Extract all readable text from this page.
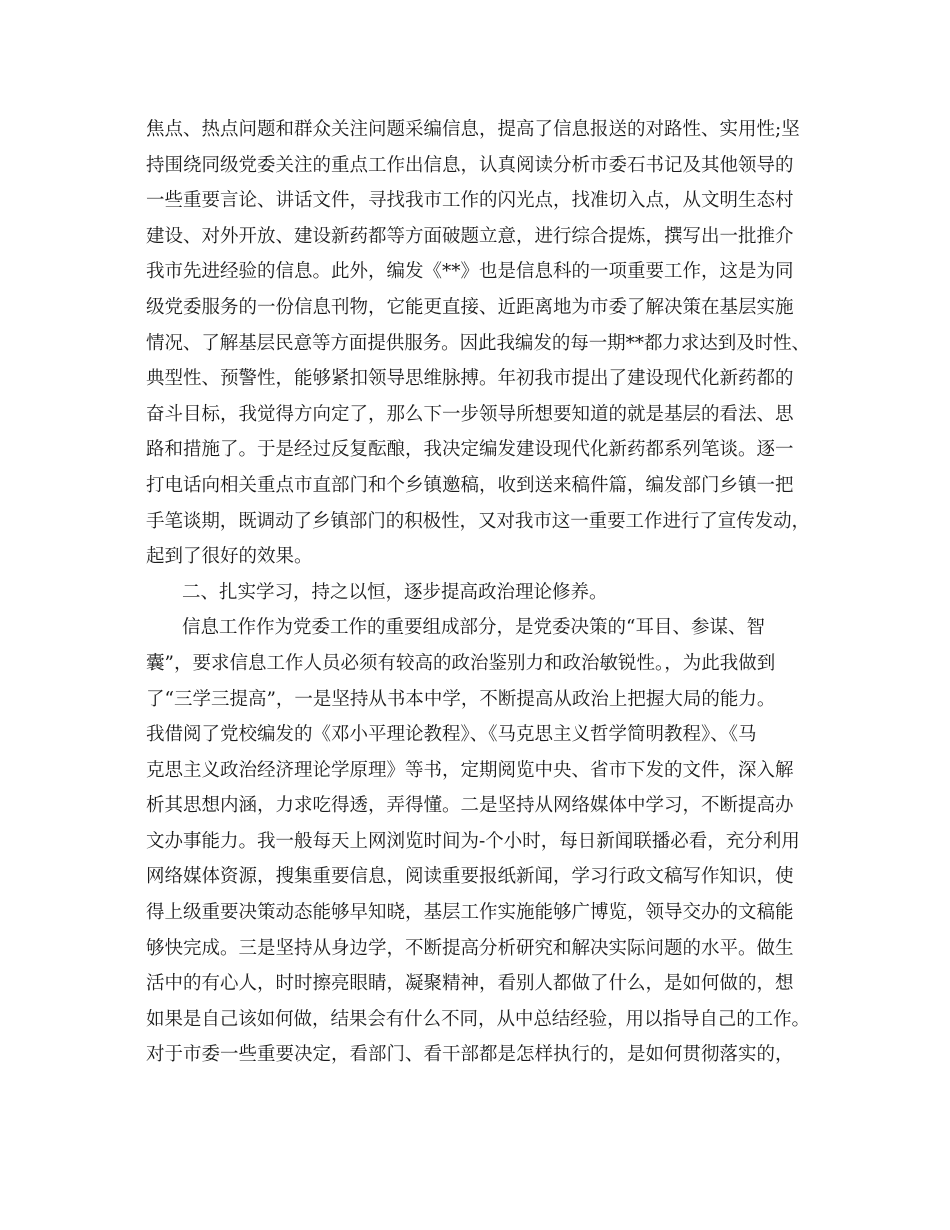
焦点、热点问题和群众关注问题采编信息，提高了信息报送的对路性、实用性;坚
持围绕同级党委关注的重点工作出信息，认真阅读分析市委石书记及其他领导的
一些重要言论、讲话文件，寻找我市工作的闪光点，找准切入点，从文明生态村
建设、对外开放、建设新药都等方面破题立意，进行综合提炼，撰写出一批推介
我市先进经验的信息。此外，编发《**》也是信息科的一项重要工作，这是为同
级党委服务的一份信息刊物，它能更直接、近距离地为市委了解决策在基层实施
情况、了解基层民意等方面提供服务。因此我编发的每一期**都力求达到及时性、
典型性、预警性，能够紧扣领导思维脉搏。年初我市提出了建设现代化新药都的
奋斗目标，我觉得方向定了，那么下一步领导所想要知道的就是基层的看法、思
路和措施了。于是经过反复酝酿，我决定编发建设现代化新药都系列笔谈。逐一
打电话向相关重点市直部门和个乡镇邀稿，收到送来稿件篇，编发部门乡镇一把
手笔谈期，既调动了乡镇部门的积极性，又对我市这一重要工作进行了宣传发动，
起到了很好的效果。
二、扎实学习，持之以恒，逐步提高政治理论修养。
信息工作作为党委工作的重要组成部分，是党委决策的“耳目、参谋、智
囊”，要求信息工作人员必须有较高的政治鉴别力和政治敏锐性。，为此我做到
了“三学三提高”，一是坚持从书本中学，不断提高从政治上把握大局的能力。
我借阅了党校编发的《邓小平理论教程》、《马克思主义哲学简明教程》、《马
克思主义政治经济理论学原理》等书，定期阅览中央、省市下发的文件，深入解
析其思想内涵，力求吃得透，弄得懂。二是坚持从网络媒体中学习，不断提高办
文办事能力。我一般每天上网浏览时间为-个小时，每日新闻联播必看，充分利用
网络媒体资源，搜集重要信息，阅读重要报纸新闻，学习行政文稿写作知识，使
得上级重要决策动态能够早知晓，基层工作实施能够广博览，领导交办的文稿能
够快完成。三是坚持从身边学，不断提高分析研究和解决实际问题的水平。做生
活中的有心人，时时擦亮眼睛，凝聚精神，看别人都做了什么，是如何做的，想
如果是自己该如何做，结果会有什么不同，从中总结经验，用以指导自己的工作。
对于市委一些重要决定，看部门、看干部都是怎样执行的，是如何贯彻落实的，
